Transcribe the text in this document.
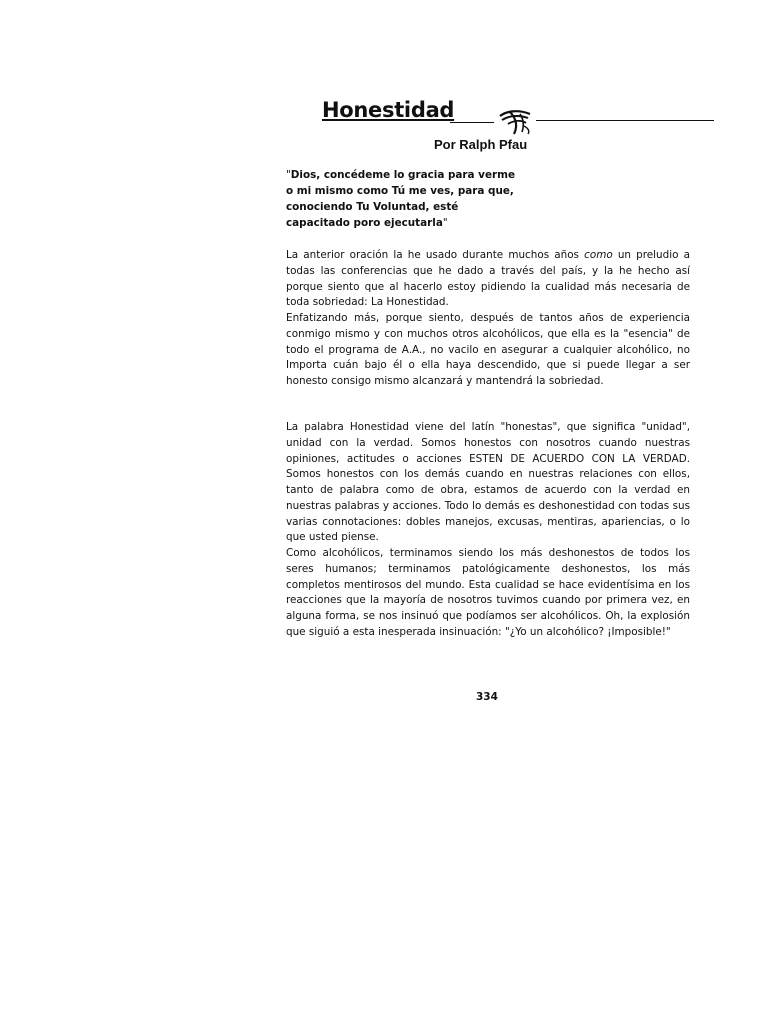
Honestidad
Por Ralph Pfau
"Dios, concédeme lo gracia para verme
o mi mismo como Tú me ves, para que,
conociendo Tu Voluntad, esté
capacitado poro ejecutarla"

La anterior oración la he usado durante muchos años como un preludio a todas las conferencias que he dado a través del país, y la he hecho así porque siento que al hacerlo estoy pidiendo la cualidad más necesaria de toda sobriedad: La Honestidad.

Enfatizando más, porque siento, después de tantos años de experiencia conmigo mismo y con muchos otros alcohólicos, que ella es la "esencia" de todo el programa de A.A., no vacilo en asegurar a cualquier alcohólico, no Importa cuán bajo él o ella haya descendido, que si puede llegar a ser honesto consigo mismo alcanzará y mantendrá la sobriedad.

La palabra Honestidad viene del latín "honestas", que significa "unidad", unidad con la verdad. Somos honestos con nosotros cuando nuestras opiniones, actitudes o acciones ESTEN DE ACUERDO CON LA VERDAD. Somos honestos con los demás cuando en nuestras relaciones con ellos, tanto de palabra como de obra, estamos de acuerdo con la verdad en nuestras palabras y acciones. Todo lo demás es deshonestidad con todas sus varias connotaciones: dobles manejos, excusas, mentiras, apariencias, o lo que usted piense.

Como alcohólicos, terminamos siendo los más deshonestos de todos los seres humanos; terminamos patológicamente deshonestos, los más completos mentirosos del mundo. Esta cualidad se hace evidentísima en los reacciones que la mayoría de nosotros tuvimos cuando por primera vez, en alguna forma, se nos insinuó que podíamos ser alcohólicos. Oh, la explosión que siguió a esta inesperada insinuación: "¿Yo un alcohólico? ¡Imposible!"

334
